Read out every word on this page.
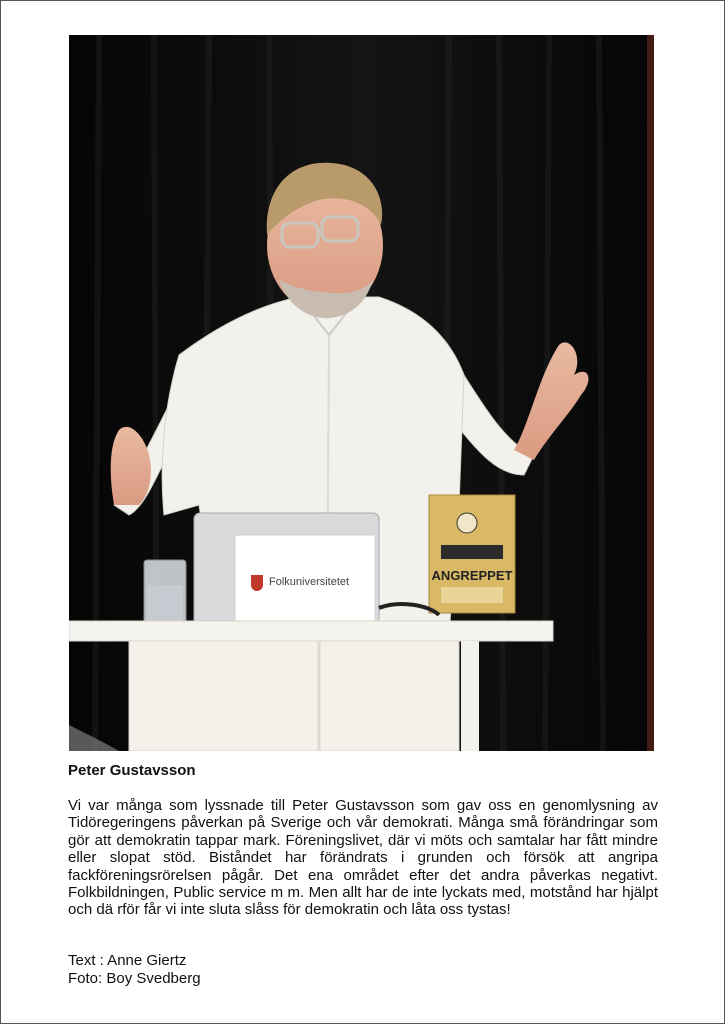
ANGREPPET
Folkuniversitetet
Peter Gustavsson

Vi var många som lyssnade till Peter Gustavsson som gav oss en genomlysning av Tidöregeringens påverkan på Sverige och vår demokrati. Många små förändringar som gör att demokratin tappar mark. Föreningslivet, där vi möts och samtalar har fått mindre eller slopat stöd. Biståndet har förändrats i grunden och försök att angripa fackföreningsrörelsen pågår. Det ena området efter det andra påverkas negativt. Folkbildningen, Public service m m. Men allt har de inte lyckats med, motstånd har hjälpt och dä rför får vi inte sluta slåss för demokratin och låta oss tystas!

Text : Anne Giertz
Foto: Boy Svedberg
